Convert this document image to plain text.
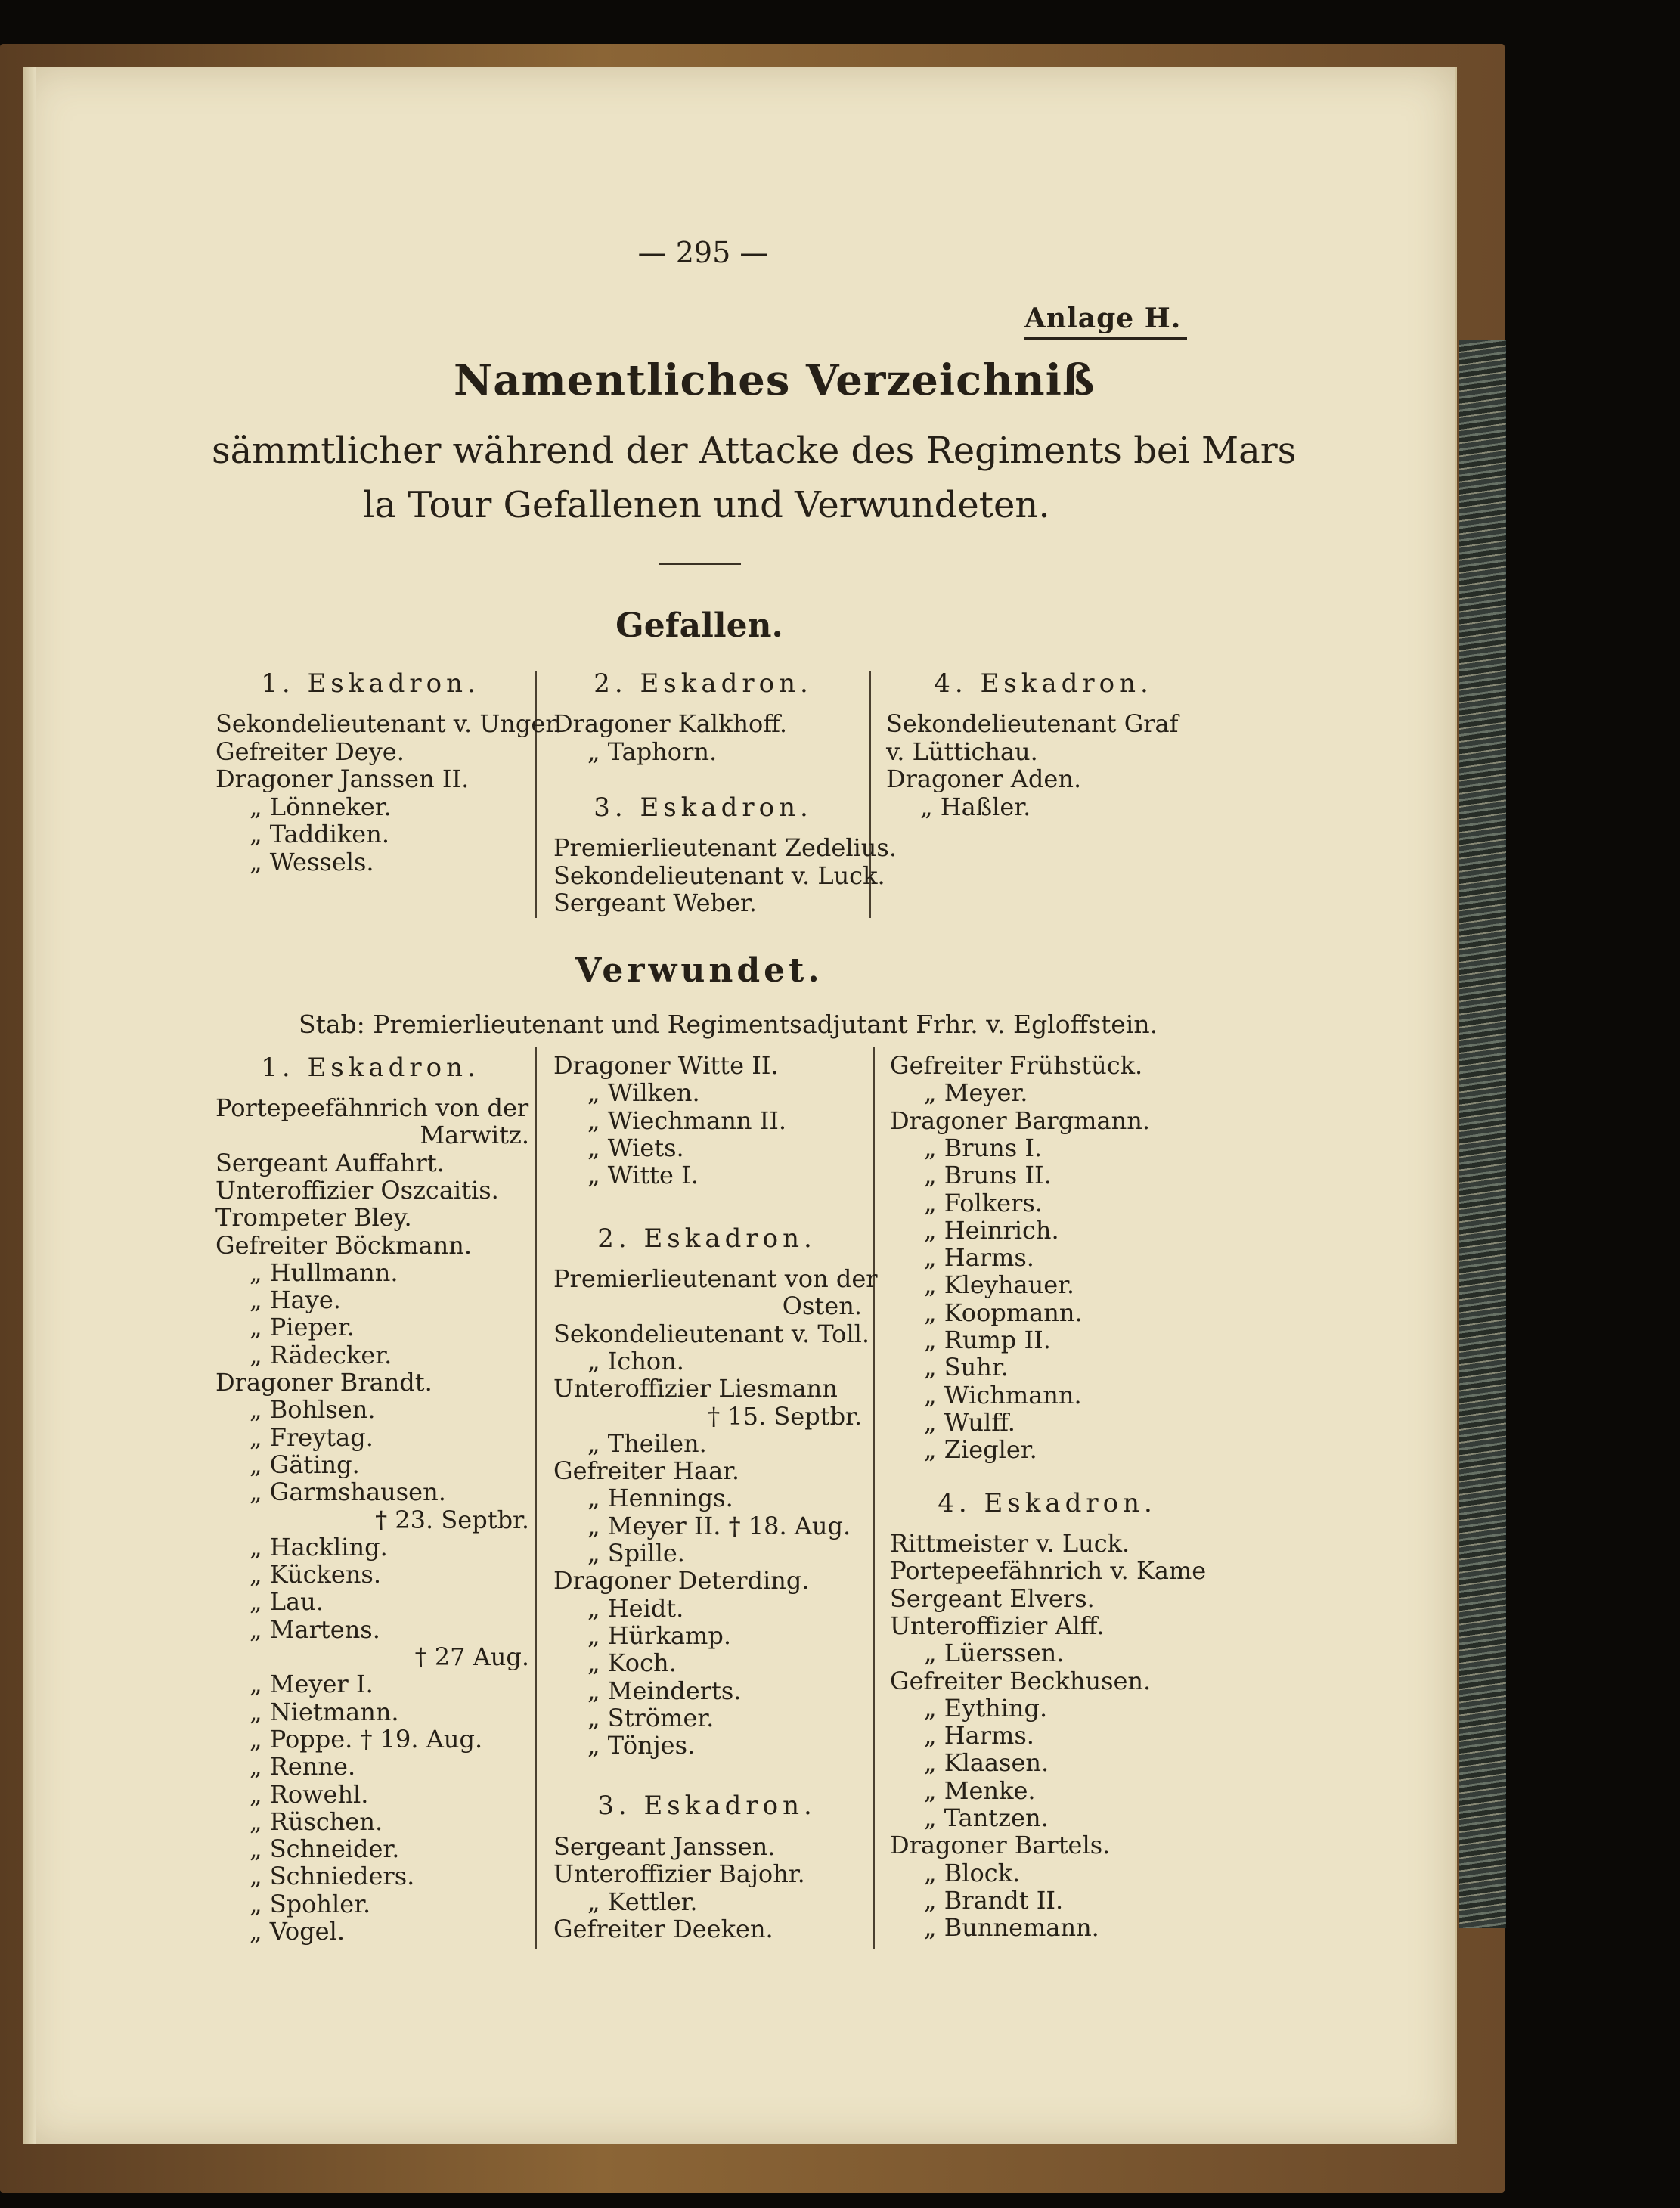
— 295 —
Anlage H.
Namentliches Verzeichniß
sämmtlicher während der Attacke des Regiments bei Mars
la Tour Gefallenen und Verwundeten.
Gefallen.
1. Eskadron.
Sekondelieutenant v. Unger.
Gefreiter Deye.
Dragoner Janssen II.
„ Lönneker.
„ Taddiken.
„ Wessels.
2. Eskadron.
Dragoner Kalkhoff.
„ Taphorn.
3. Eskadron.
Premierlieutenant Zedelius.
Sekondelieutenant v. Luck.
Sergeant Weber.
4. Eskadron.
Sekondelieutenant Graf
v. Lüttichau.
Dragoner Aden.
„ Haßler.
Verwundet.
Stab: Premierlieutenant und Regimentsadjutant Frhr. v. Egloffstein.
1. Eskadron.
Portepeefähnrich von der
Marwitz.
Sergeant Auffahrt.
Unteroffizier Oszcaitis.
Trompeter Bley.
Gefreiter Böckmann.
„ Hullmann.
„ Haye.
„ Pieper.
„ Rädecker.
Dragoner Brandt.
„ Bohlsen.
„ Freytag.
„ Gäting.
„ Garmshausen.
† 23. Septbr.
„ Hackling.
„ Kückens.
„ Lau.
„ Martens.
† 27 Aug.
„ Meyer I.
„ Nietmann.
„ Poppe. † 19. Aug.
„ Renne.
„ Rowehl.
„ Rüschen.
„ Schneider.
„ Schnieders.
„ Spohler.
„ Vogel.
Dragoner Witte II.
„ Wilken.
„ Wiechmann II.
„ Wiets.
„ Witte I.
2. Eskadron.
Premierlieutenant von der
Osten.
Sekondelieutenant v. Toll.
„ Ichon.
Unteroffizier Liesmann
† 15. Septbr.
„ Theilen.
Gefreiter Haar.
„ Hennings.
„ Meyer II. † 18. Aug.
„ Spille.
Dragoner Deterding.
„ Heidt.
„ Hürkamp.
„ Koch.
„ Meinderts.
„ Strömer.
„ Tönjes.
3. Eskadron.
Sergeant Janssen.
Unteroffizier Bajohr.
„ Kettler.
Gefreiter Deeken.
Gefreiter Frühstück.
„ Meyer.
Dragoner Bargmann.
„ Bruns I.
„ Bruns II.
„ Folkers.
„ Heinrich.
„ Harms.
„ Kleyhauer.
„ Koopmann.
„ Rump II.
„ Suhr.
„ Wichmann.
„ Wulff.
„ Ziegler.
4. Eskadron.
Rittmeister v. Luck.
Portepeefähnrich v. Kame
Sergeant Elvers.
Unteroffizier Alff.
„ Lüerssen.
Gefreiter Beckhusen.
„ Eything.
„ Harms.
„ Klaasen.
„ Menke.
„ Tantzen.
Dragoner Bartels.
„ Block.
„ Brandt II.
„ Bunnemann.
